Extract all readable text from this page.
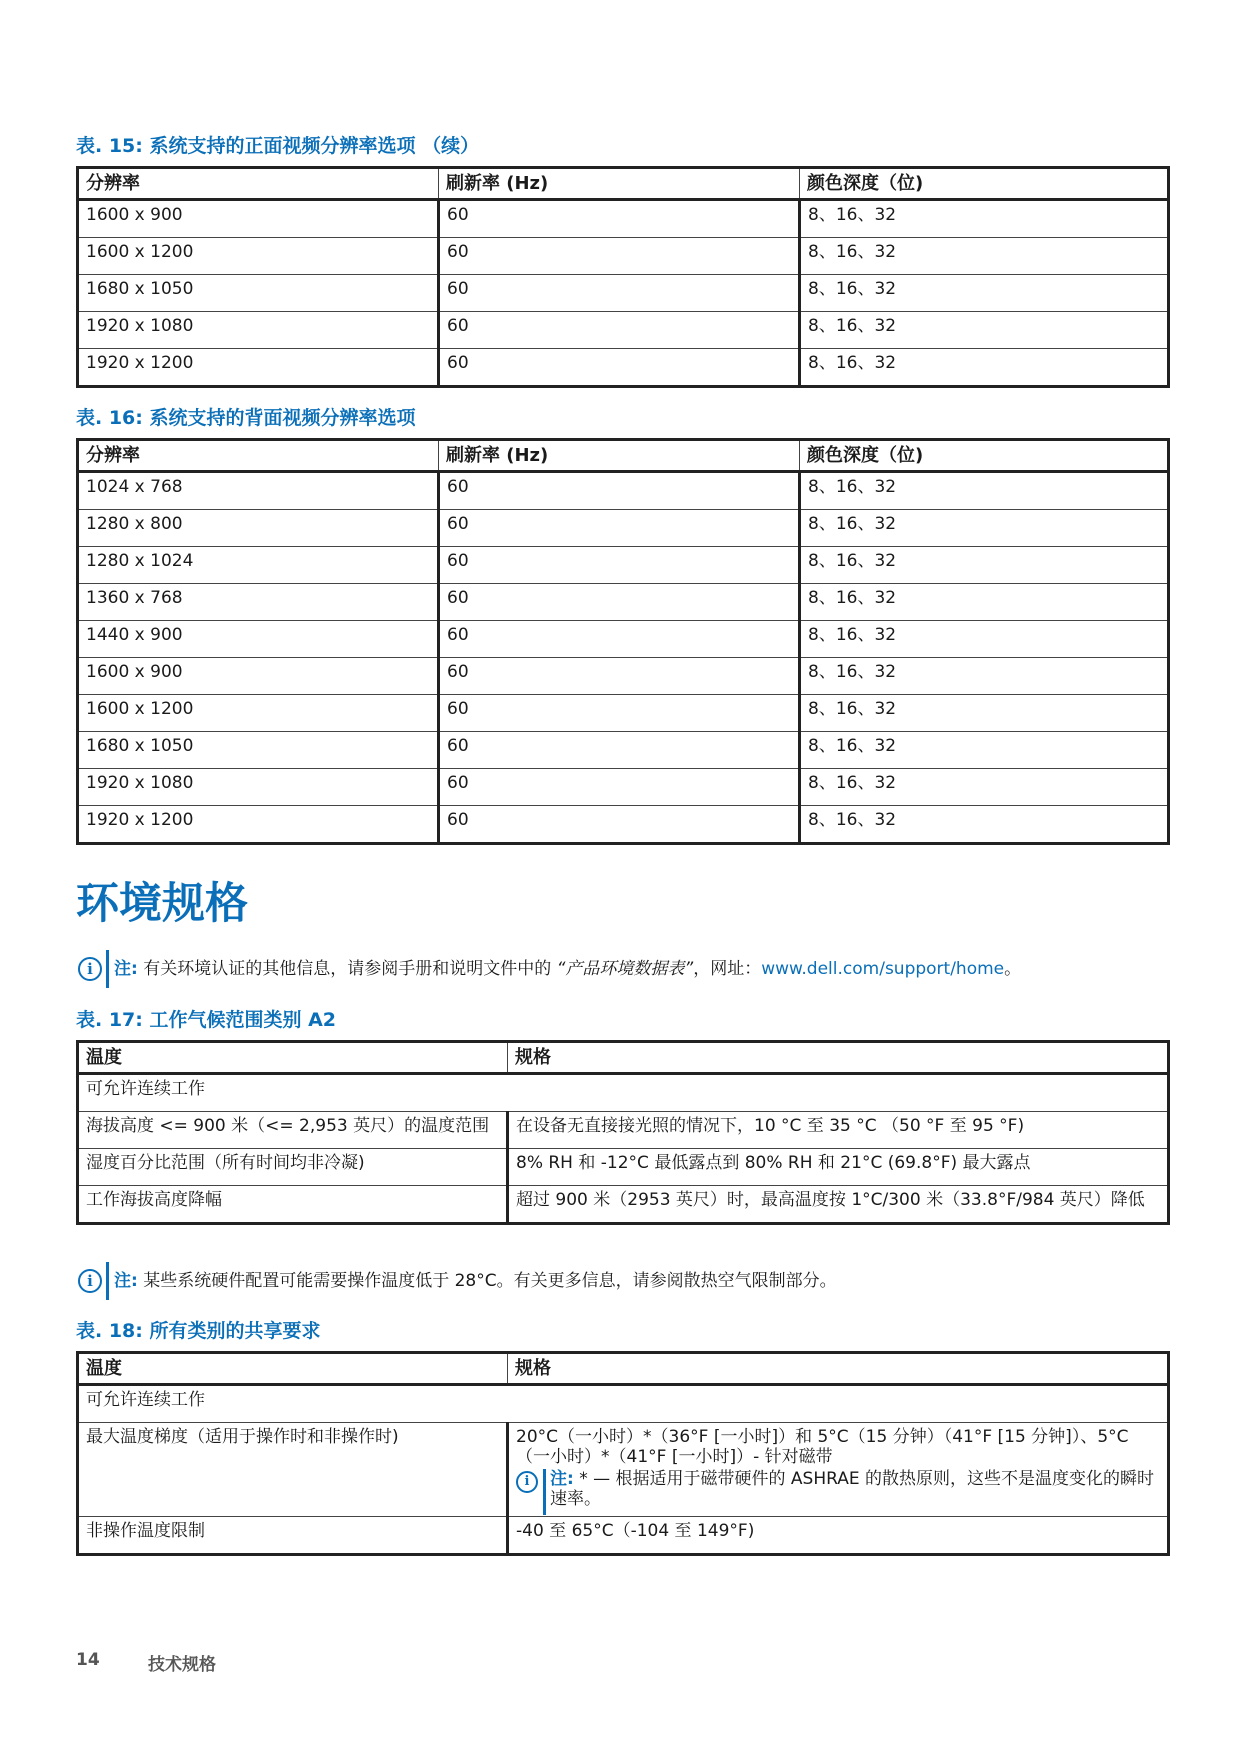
表. 15: 系统支持的正面视频分辨率选项 （续）
分辨率	刷新率 (Hz)	颜色深度（位)
1600 x 900	60	8、16、32
1600 x 1200	60	8、16、32
1680 x 1050	60	8、16、32
1920 x 1080	60	8、16、32
1920 x 1200	60	8、16、32
表. 16: 系统支持的背面视频分辨率选项
分辨率	刷新率 (Hz)	颜色深度（位)
1024 x 768	60	8、16、32
1280 x 800	60	8、16、32
1280 x 1024	60	8、16、32
1360 x 768	60	8、16、32
1440 x 900	60	8、16、32
1600 x 900	60	8、16、32
1600 x 1200	60	8、16、32
1680 x 1050	60	8、16、32
1920 x 1080	60	8、16、32
1920 x 1200	60	8、16、32
环境规格
i	注: 有关环境认证的其他信息，请参阅手册和说明文件中的 “产品环境数据表”，网址：www.dell.com/support/home。
表. 17: 工作气候范围类别 A2
温度	规格
可允许连续工作	
海拔高度 <= 900 米（<= 2,953 英尺）的温度范围	在设备无直接接光照的情况下，10 °C 至 35 °C （50 °F 至 95 °F)
湿度百分比范围（所有时间均非冷凝)	8% RH 和 -12°C 最低露点到 80% RH 和 21°C (69.8°F) 最大露点
工作海拔高度降幅	超过 900 米（2953 英尺）时，最高温度按 1°C/300 米（33.8°F/984 英尺）降低
i	注: 某些系统硬件配置可能需要操作温度低于 28°C。有关更多信息，请参阅散热空气限制部分。
表. 18: 所有类别的共享要求
温度	规格
可允许连续工作	
最大温度梯度（适用于操作时和非操作时)	20°C（一小时）*（36°F [一小时]）和 5°C（15 分钟）（41°F [15 分钟]）、5°C（一小时）*（41°F [一小时]）- 针对磁带
i 注: * — 根据适用于磁带硬件的 ASHRAE 的散热原则，这些不是温度变化的瞬时速率。

非操作温度限制	-40 至 65°C（-104 至 149°F)
14	技术规格
